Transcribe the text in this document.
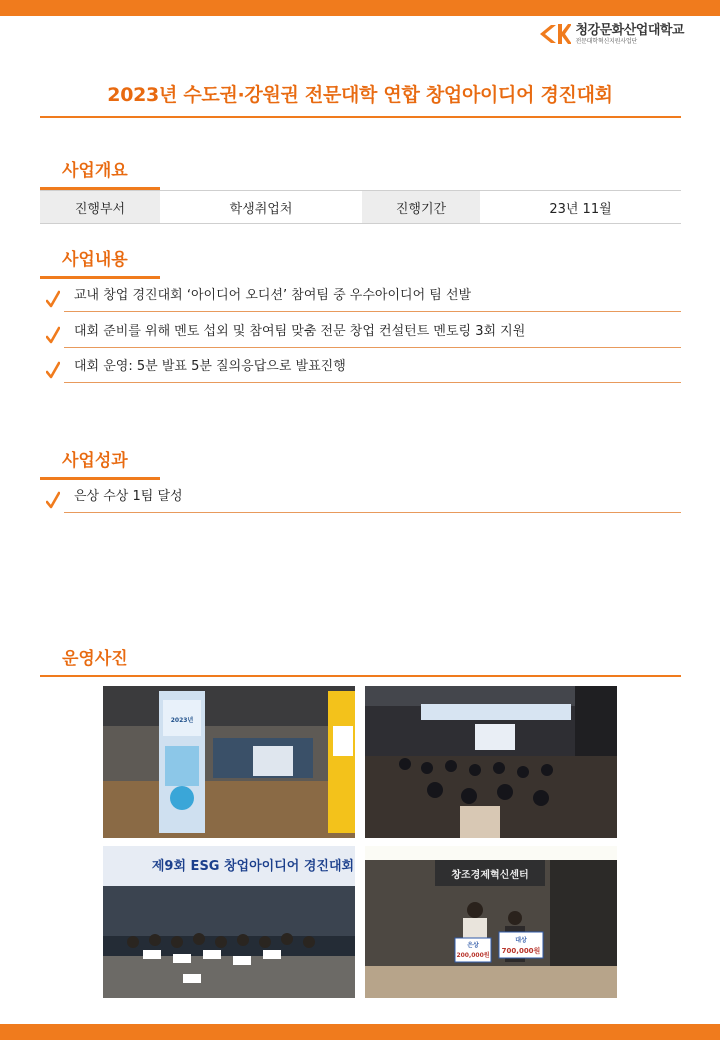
청강문화산업대학교
전문대학혁신지원사업단
2023년 수도권·강원권 전문대학 연합 창업아이디어 경진대회
사업개요
진행부서	학생취업처	진행기간	23년 11월
사업내용
교내 창업 경진대회 ‘아이디어 오디션’ 참여팀 중 우수아이디어 팀 선발
대회 준비를 위해 멘토 섭외 및 참여팀 맞춤 전문 창업 컨설턴트 멘토링 3회 지원
대회 운영: 5분 발표 5분 질의응답으로 발표진행
사업성과
은상 수상 1팀 달성
운영사진
2023년
제9회 ESG 창업아이디어 경진대회
창조경제혁신센터
은상
200,000원
대상
700,000원
